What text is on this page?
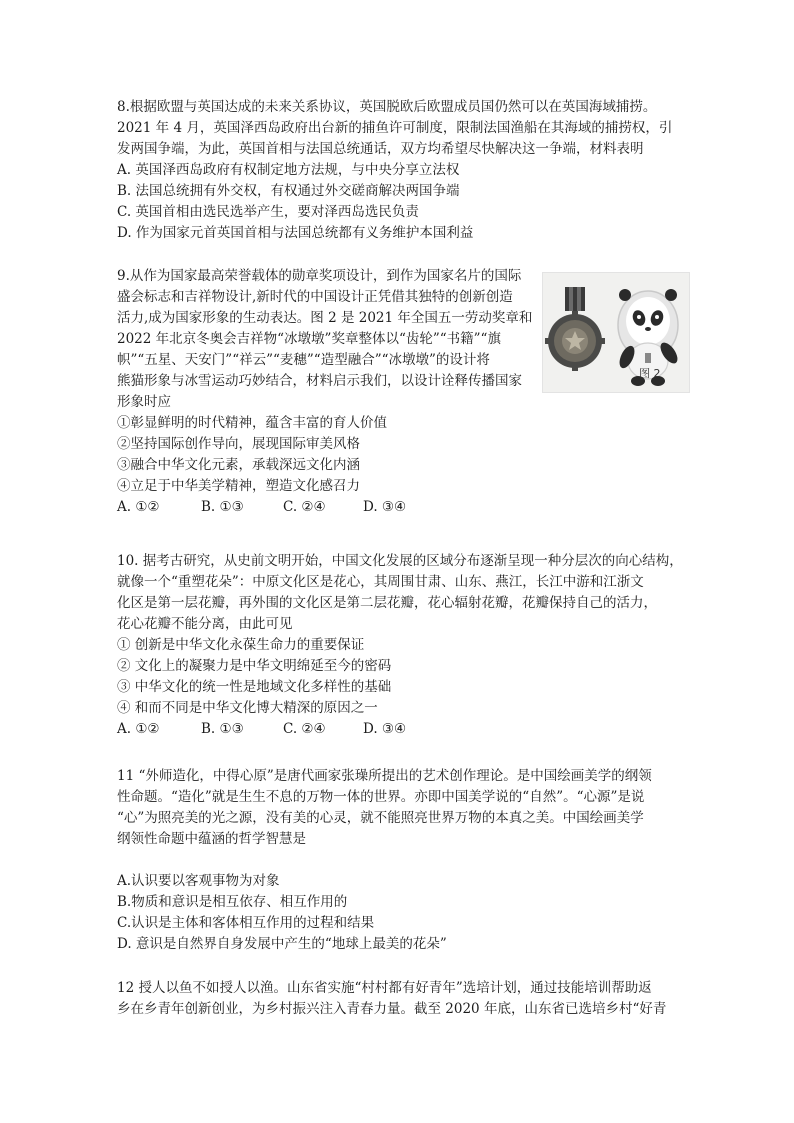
8.根据欧盟与英国达成的未来关系协议，英国脱欧后欧盟成员国仍然可以在英国海域捕捞。

2021 年 4 月，英国泽西岛政府出台新的捕鱼许可制度，限制法国渔船在其海域的捕捞权，引

发两国争端，为此，英国首相与法国总统通话，双方均希望尽快解决这一争端，材料表明

A. 英国泽西岛政府有权制定地方法规，与中央分享立法权

B. 法国总统拥有外交权，有权通过外交磋商解决两国争端

C. 英国首相由选民选举产生，要对泽西岛选民负责

D. 作为国家元首英国首相与法国总统都有义务维护本国利益

9.从作为国家最高荣誉载体的勋章奖项设计，到作为国家名片的国际

盛会标志和吉祥物设计,新时代的中国设计正凭借其独特的创新创造

活力,成为国家形象的生动表达。图 2 是 2021 年全国五一劳动奖章和

2022 年北京冬奥会吉祥物“冰墩墩”奖章整体以“齿轮”“书籍”“旗

帜”“五星、天安门”“祥云”“麦穗”“造型融合”“冰墩墩”的设计将

熊猫形象与冰雪运动巧妙结合，材料启示我们，以设计诠释传播国家

形象时应

①彰显鲜明的时代精神，蕴含丰富的育人价值

②坚持国际创作导向，展现国际审美风格

③融合中华文化元素，承载深远文化内涵

④立足于中华美学精神，塑造文化感召力

A. ①②	B. ①③	C. ②④	D. ③④
图 2

10. 据考古研究，从史前文明开始，中国文化发展的区域分布逐渐呈现一种分层次的向心结构，

就像一个“重塑花朵”：中原文化区是花心，其周围甘肃、山东、燕江，长江中游和江浙文

化区是第一层花瓣，再外围的文化区是第二层花瓣，花心辐射花瓣，花瓣保持自己的活力，

花心花瓣不能分离，由此可见

① 创新是中华文化永葆生命力的重要保证

② 文化上的凝聚力是中华文明绵延至今的密码

③ 中华文化的统一性是地域文化多样性的基础

④ 和而不同是中华文化博大精深的原因之一

A. ①②	B. ①③	C. ②④	D. ③④

11 “外师造化，中得心原”是唐代画家张璪所提出的艺术创作理论。是中国绘画美学的纲领

性命题。“造化”就是生生不息的万物一体的世界。亦即中国美学说的“自然”。“心源”是说

“心”为照亮美的光之源，没有美的心灵，就不能照亮世界万物的本真之美。中国绘画美学

纲领性命题中蕴涵的哲学智慧是

A.认识要以客观事物为对象

B.物质和意识是相互依存、相互作用的

C.认识是主体和客体相互作用的过程和结果

D. 意识是自然界自身发展中产生的“地球上最美的花朵”

12 授人以鱼不如授人以渔。山东省实施“村村都有好青年”选培计划，通过技能培训帮助返

乡在乡青年创新创业，为乡村振兴注入青春力量。截至 2020 年底，山东省已选培乡村“好青
